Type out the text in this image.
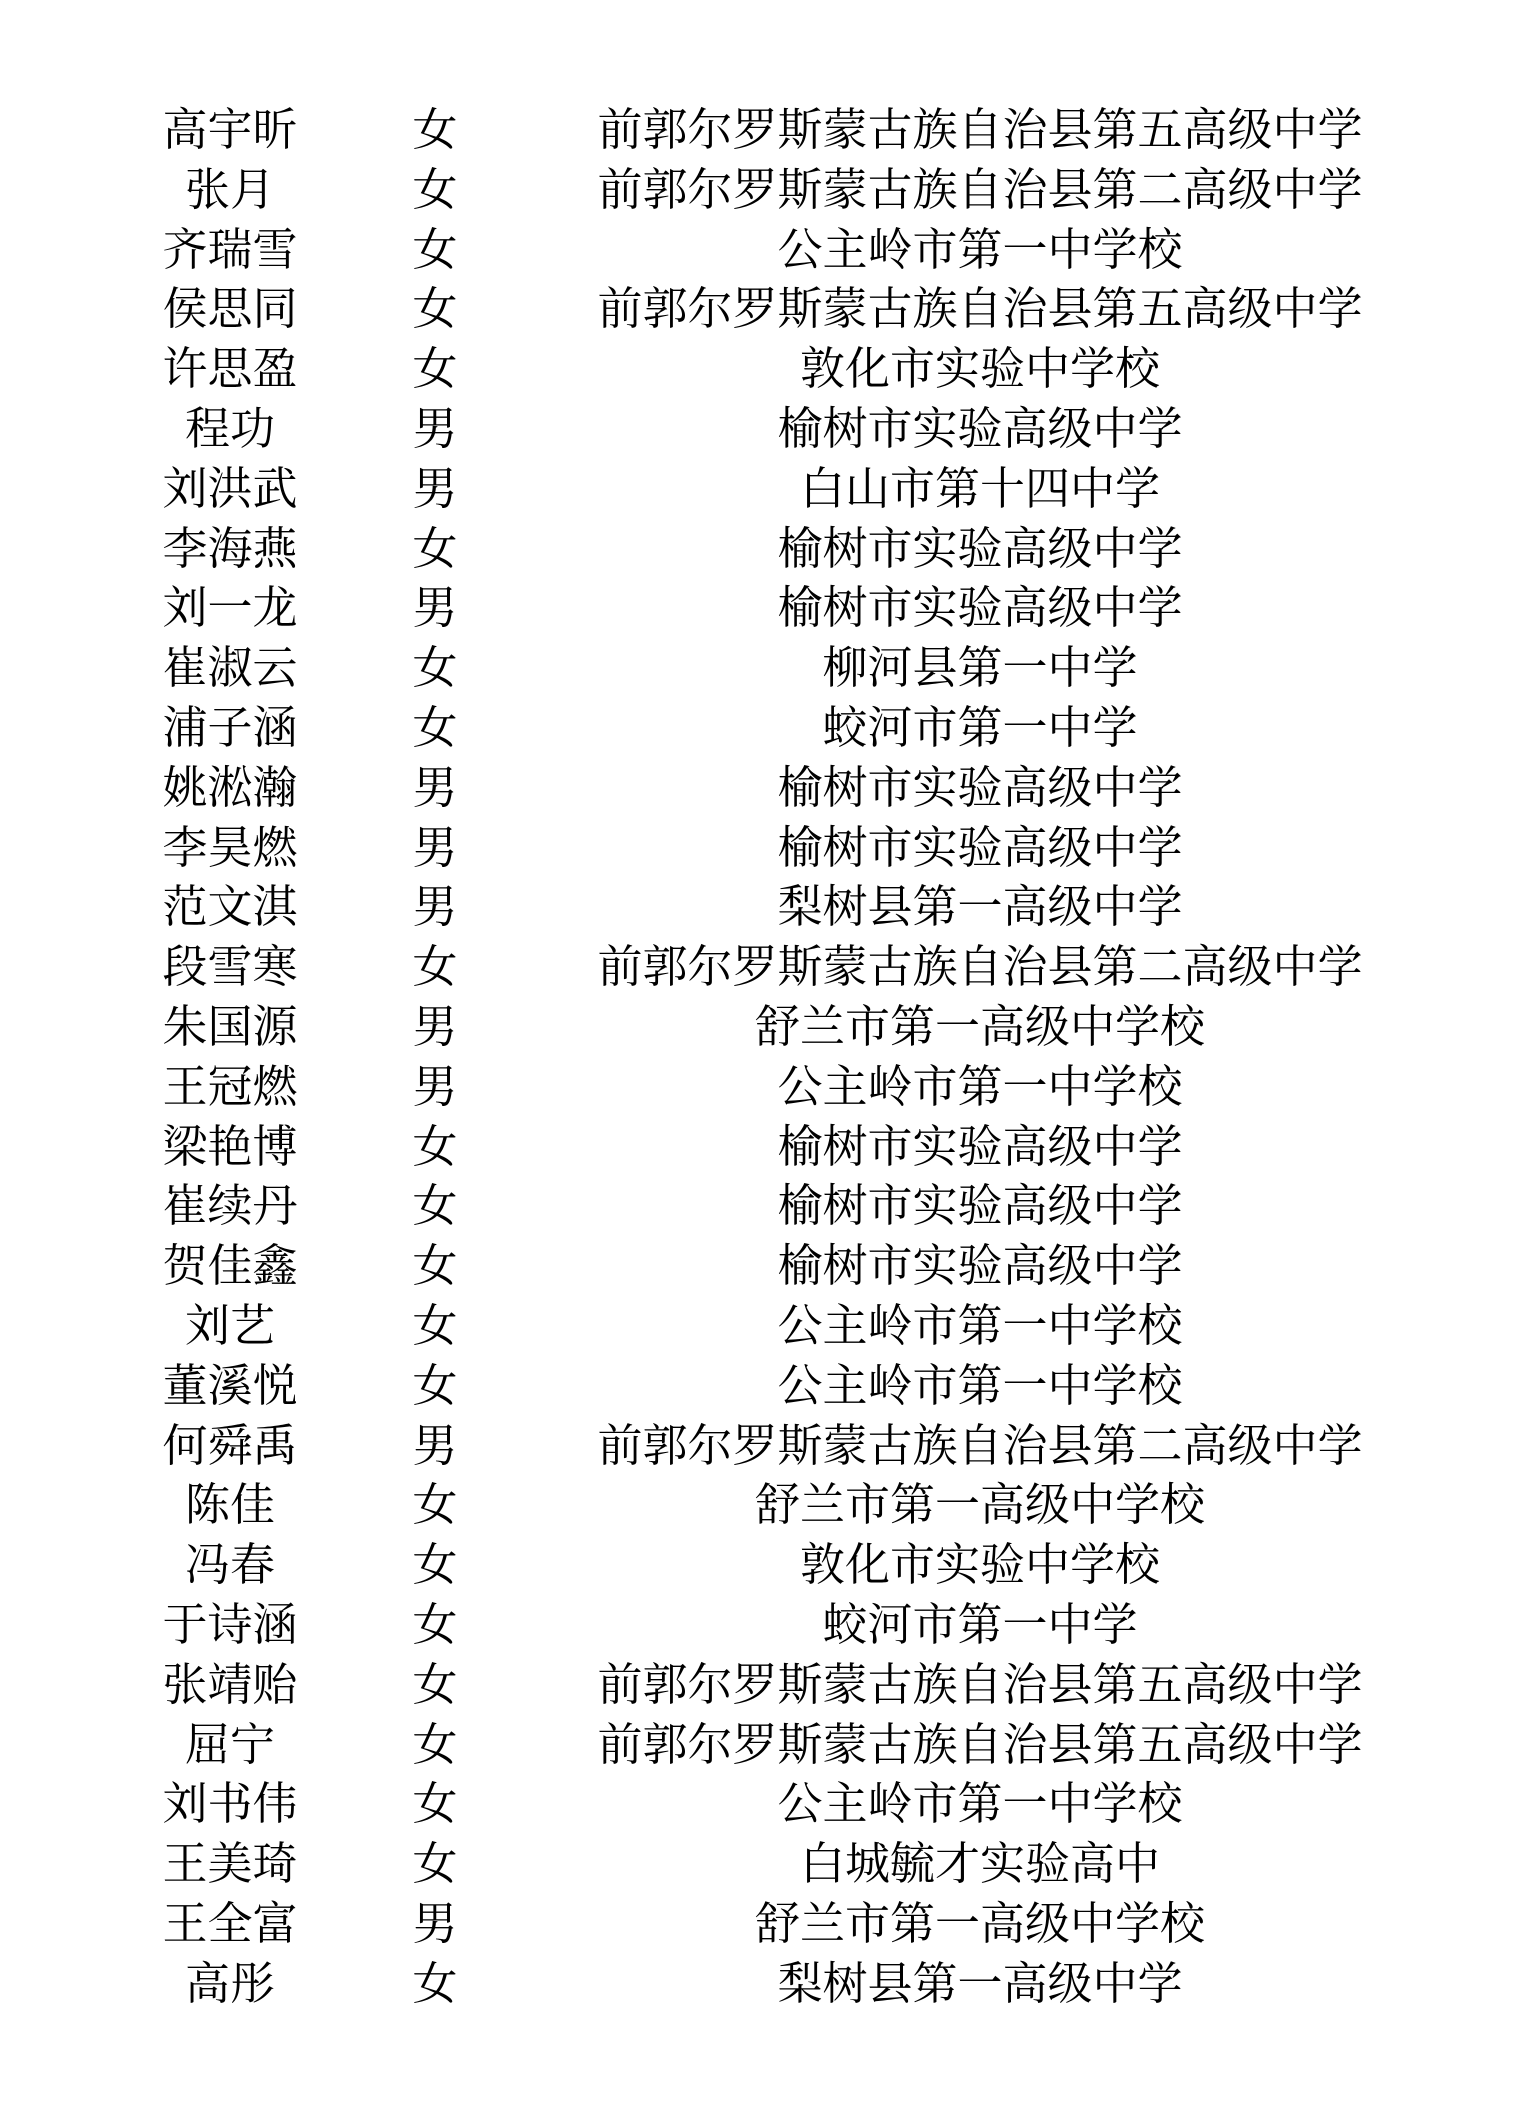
高宇昕	女	前郭尔罗斯蒙古族自治县第五高级中学
张月	女	前郭尔罗斯蒙古族自治县第二高级中学
齐瑞雪	女	公主岭市第一中学校
侯思同	女	前郭尔罗斯蒙古族自治县第五高级中学
许思盈	女	敦化市实验中学校
程功	男	榆树市实验高级中学
刘洪武	男	白山市第十四中学
李海燕	女	榆树市实验高级中学
刘一龙	男	榆树市实验高级中学
崔淑云	女	柳河县第一中学
浦子涵	女	蛟河市第一中学
姚淞瀚	男	榆树市实验高级中学
李昊燃	男	榆树市实验高级中学
范文淇	男	梨树县第一高级中学
段雪寒	女	前郭尔罗斯蒙古族自治县第二高级中学
朱国源	男	舒兰市第一高级中学校
王冠燃	男	公主岭市第一中学校
梁艳博	女	榆树市实验高级中学
崔续丹	女	榆树市实验高级中学
贺佳鑫	女	榆树市实验高级中学
刘艺	女	公主岭市第一中学校
董溪悦	女	公主岭市第一中学校
何舜禹	男	前郭尔罗斯蒙古族自治县第二高级中学
陈佳	女	舒兰市第一高级中学校
冯春	女	敦化市实验中学校
于诗涵	女	蛟河市第一中学
张靖贻	女	前郭尔罗斯蒙古族自治县第五高级中学
屈宁	女	前郭尔罗斯蒙古族自治县第五高级中学
刘书伟	女	公主岭市第一中学校
王美琦	女	白城毓才实验高中
王全富	男	舒兰市第一高级中学校
高彤	女	梨树县第一高级中学
